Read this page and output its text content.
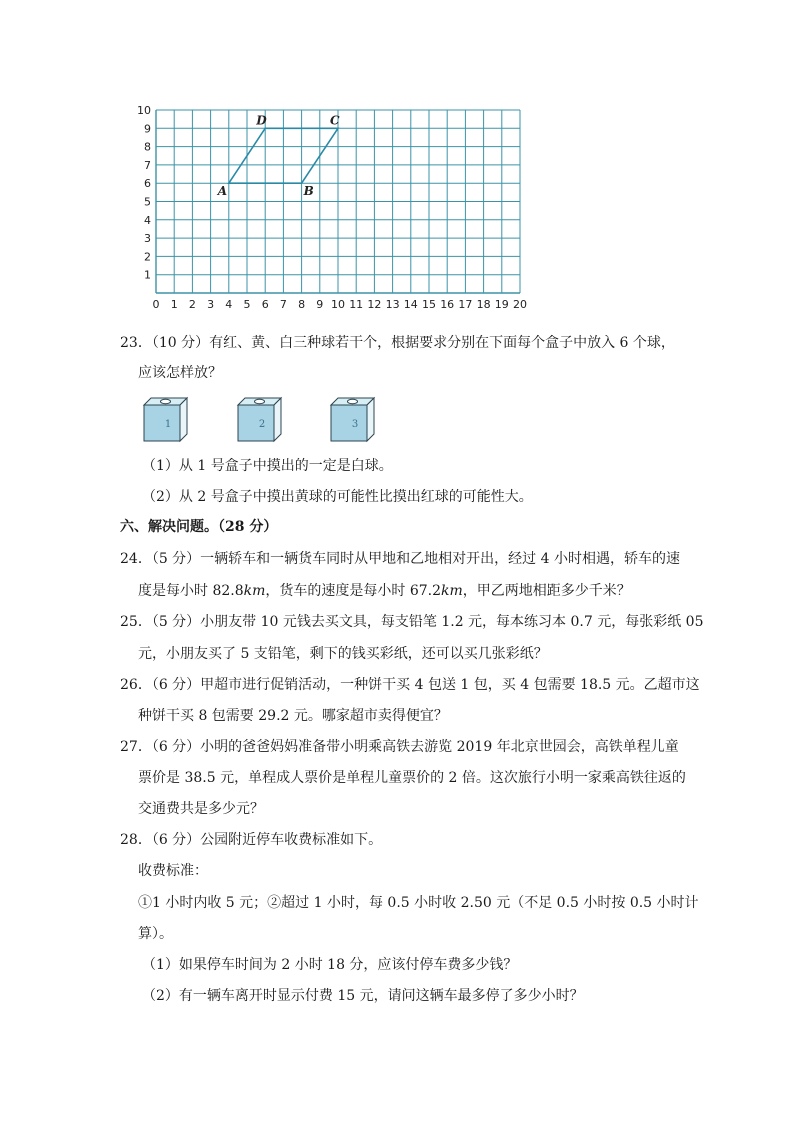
1
2
3
4
5
6
7
8
9
10
0 1 2 3 4 5 6 7 8 9 10 11 12 13 14 15 16 17 18 19 20
A	B
C
D
23．（10 分）有红、黄、白三种球若干个，根据要求分别在下面每个盒子中放入 6 个球，
应该怎样放？
1	2	3
（1）从 1 号盒子中摸出的一定是白球。
（2）从 2 号盒子中摸出黄球的可能性比摸出红球的可能性大。
六、解决问题。（28 分）
24．（5 分）一辆轿车和一辆货车同时从甲地和乙地相对开出，经过 4 小时相遇，轿车的速
度是每小时 82.8km，货车的速度是每小时 67.2km，甲乙两地相距多少千米？
25．（5 分）小朋友带 10 元钱去买文具，每支铅笔 1.2 元，每本练习本 0.7 元，每张彩纸 05
元，小朋友买了 5 支铅笔，剩下的钱买彩纸，还可以买几张彩纸？
26．（6 分）甲超市进行促销活动，一种饼干买 4 包送 1 包，买 4 包需要 18.5 元。乙超市这
种饼干买 8 包需要 29.2 元。哪家超市卖得便宜？
27．（6 分）小明的爸爸妈妈准备带小明乘高铁去游览 2019 年北京世园会，高铁单程儿童
票价是 38.5 元，单程成人票价是单程儿童票价的 2 倍。这次旅行小明一家乘高铁往返的
交通费共是多少元？
28．（6 分）公园附近停车收费标准如下。
收费标准：
①1 小时内收 5 元；②超过 1 小时，每 0.5 小时收 2.50 元（不足 0.5 小时按 0.5 小时计
算）。
（1）如果停车时间为 2 小时 18 分，应该付停车费多少钱？
（2）有一辆车离开时显示付费 15 元，请问这辆车最多停了多少小时？
